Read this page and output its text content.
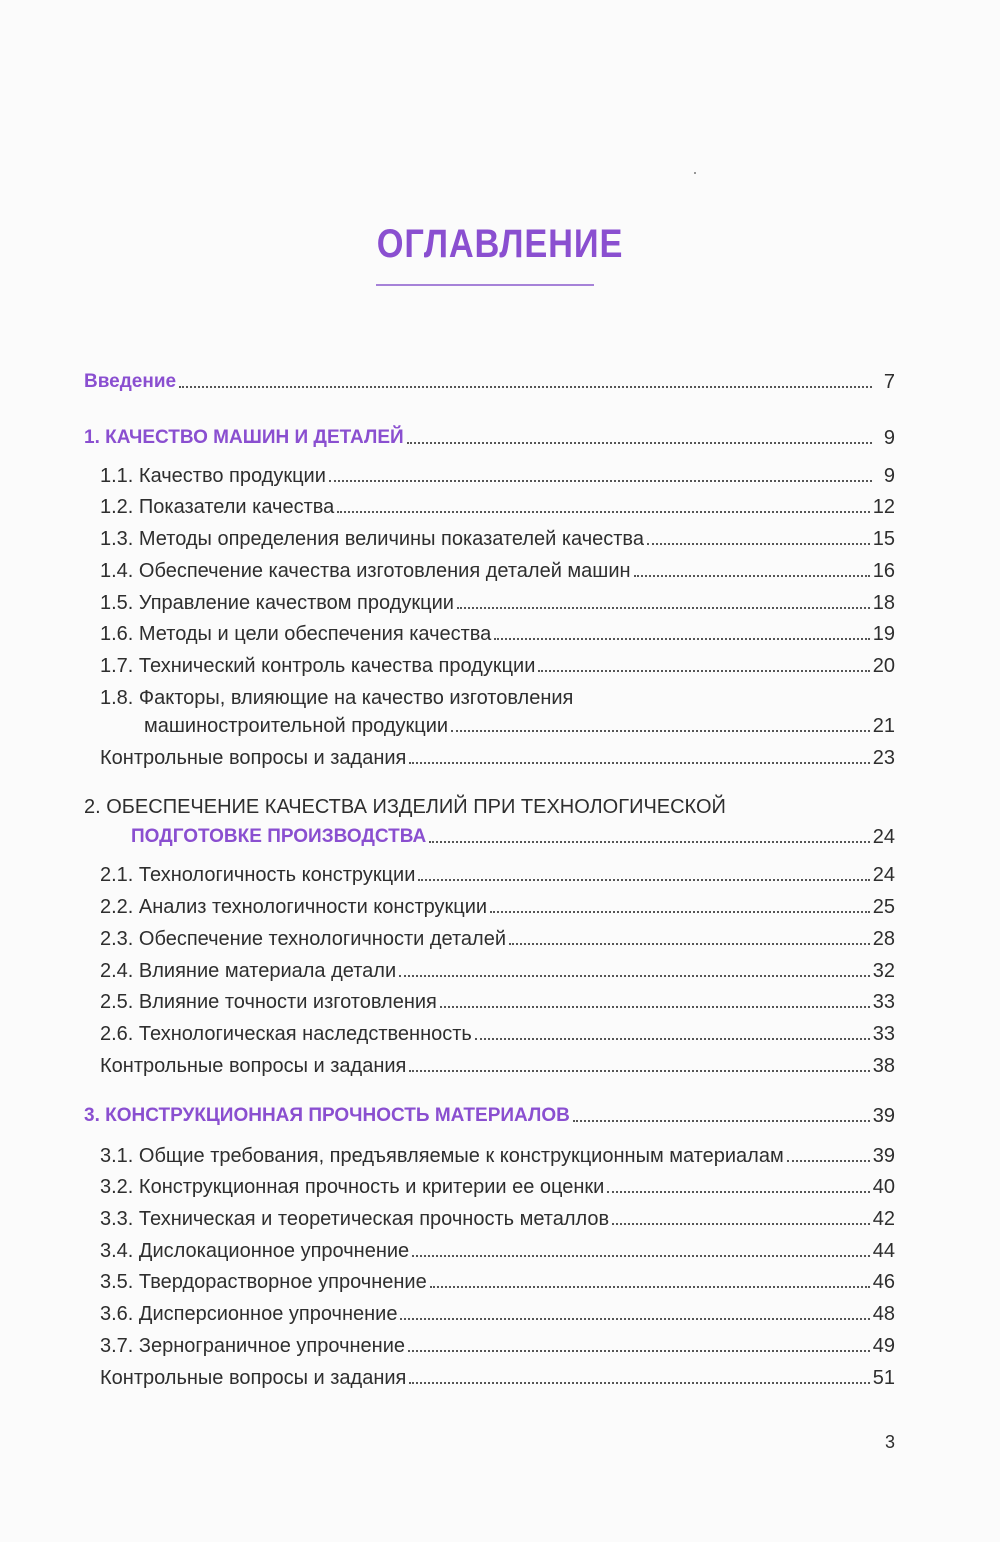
ОГЛАВЛЕНИЕ
Введение	7
1. КАЧЕСТВО МАШИН И ДЕТАЛЕЙ	9
1.1. Качество продукции	9
1.2. Показатели качества	12
1.3. Методы определения величины показателей качества	15
1.4. Обеспечение качества изготовления деталей машин	16
1.5. Управление качеством продукции	18
1.6. Методы и цели обеспечения качества	19
1.7. Технический контроль качества продукции	20
1.8. Факторы, влияющие на качество изготовления
машиностроительной продукции	21
Контрольные вопросы и задания	23
2. ОБЕСПЕЧЕНИЕ КАЧЕСТВА ИЗДЕЛИЙ ПРИ ТЕХНОЛОГИЧЕСКОЙ
ПОДГОТОВКЕ ПРОИЗВОДСТВА	24
2.1. Технологичность конструкции	24
2.2. Анализ технологичности конструкции	25
2.3. Обеспечение технологичности деталей	28
2.4. Влияние материала детали	32
2.5. Влияние точности изготовления	33
2.6. Технологическая наследственность	33
Контрольные вопросы и задания	38
3. КОНСТРУКЦИОННАЯ ПРОЧНОСТЬ МАТЕРИАЛОВ	39
3.1. Общие требования, предъявляемые к конструкционным материалам	39
3.2. Конструкционная прочность и критерии ее оценки	40
3.3. Техническая и теоретическая прочность металлов	42
3.4. Дислокационное упрочнение	44
3.5. Твердорастворное упрочнение	46
3.6. Дисперсионное упрочнение	48
3.7. Зернограничное упрочнение	49
Контрольные вопросы и задания	51
3
